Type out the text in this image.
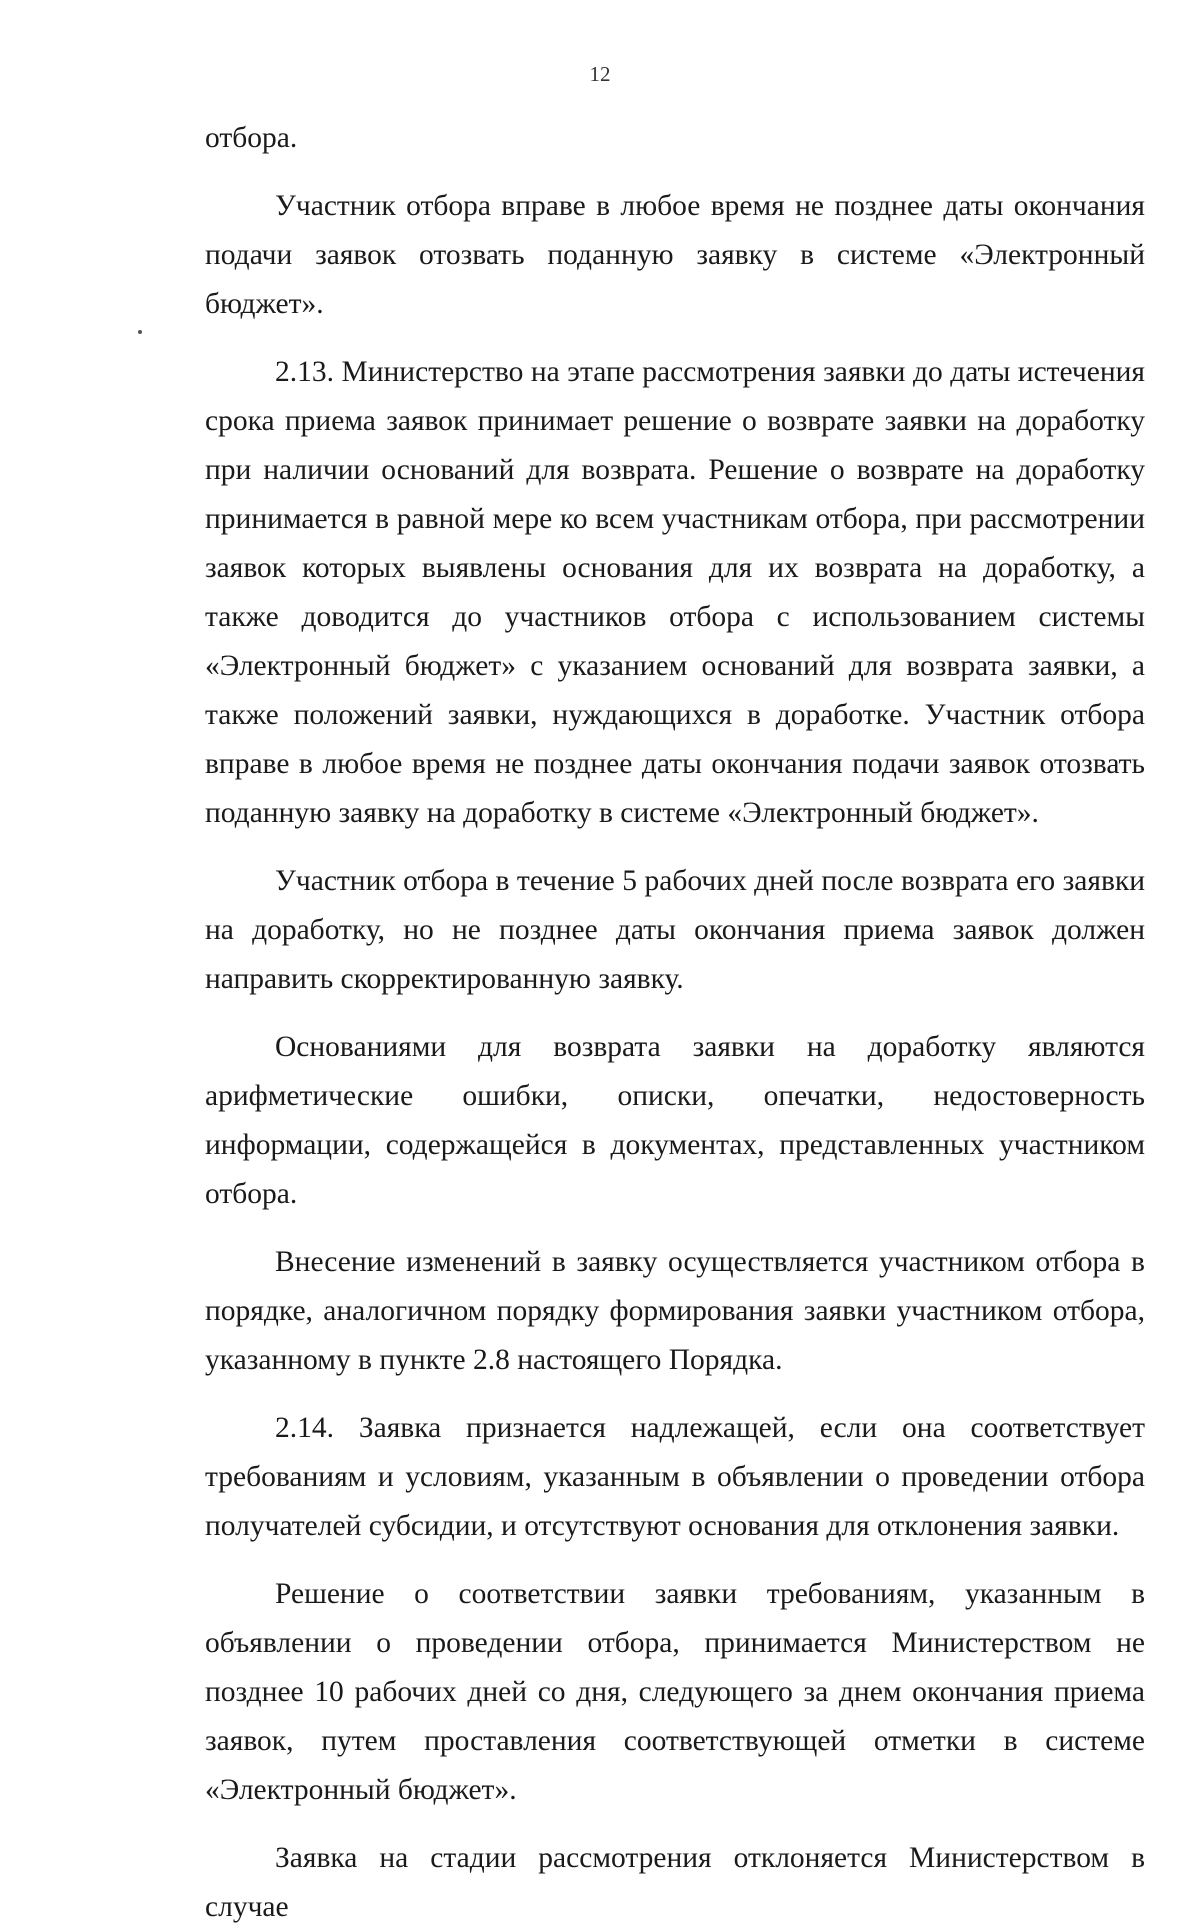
12

отбора.

Участник отбора вправе в любое время не позднее даты окончания подачи заявок отозвать поданную заявку в системе «Электронный бюджет».

2.13. Министерство на этапе рассмотрения заявки до даты истечения срока приема заявок принимает решение о возврате заявки на доработку при наличии оснований для возврата. Решение о возврате на доработку принимается в равной мере ко всем участникам отбора, при рассмотрении заявок которых выявлены основания для их возврата на доработку, а также доводится до участников отбора с использованием системы «Электронный бюджет» с указанием оснований для возврата заявки, а также положений заявки, нуждающихся в доработке. Участник отбора вправе в любое время не позднее даты окончания подачи заявок отозвать поданную заявку на доработку в системе «Электронный бюджет».

Участник отбора в течение 5 рабочих дней после возврата его заявки на доработку, но не позднее даты окончания приема заявок должен направить скорректированную заявку.

Основаниями для возврата заявки на доработку являются арифметические ошибки, описки, опечатки, недостоверность информации, содержащейся в документах, представленных участником отбора.

Внесение изменений в заявку осуществляется участником отбора в порядке, аналогичном порядку формирования заявки участником отбора, указанному в пункте 2.8 настоящего Порядка.

2.14. Заявка признается надлежащей, если она соответствует требованиям и условиям, указанным в объявлении о проведении отбора получателей субсидии, и отсутствуют основания для отклонения заявки.

Решение о соответствии заявки требованиям, указанным в объявлении о проведении отбора, принимается Министерством не позднее 10 рабочих дней со дня, следующего за днем окончания приема заявок, путем проставления соответствующей отметки в системе «Электронный бюджет».

Заявка на стадии рассмотрения отклоняется Министерством в случае
